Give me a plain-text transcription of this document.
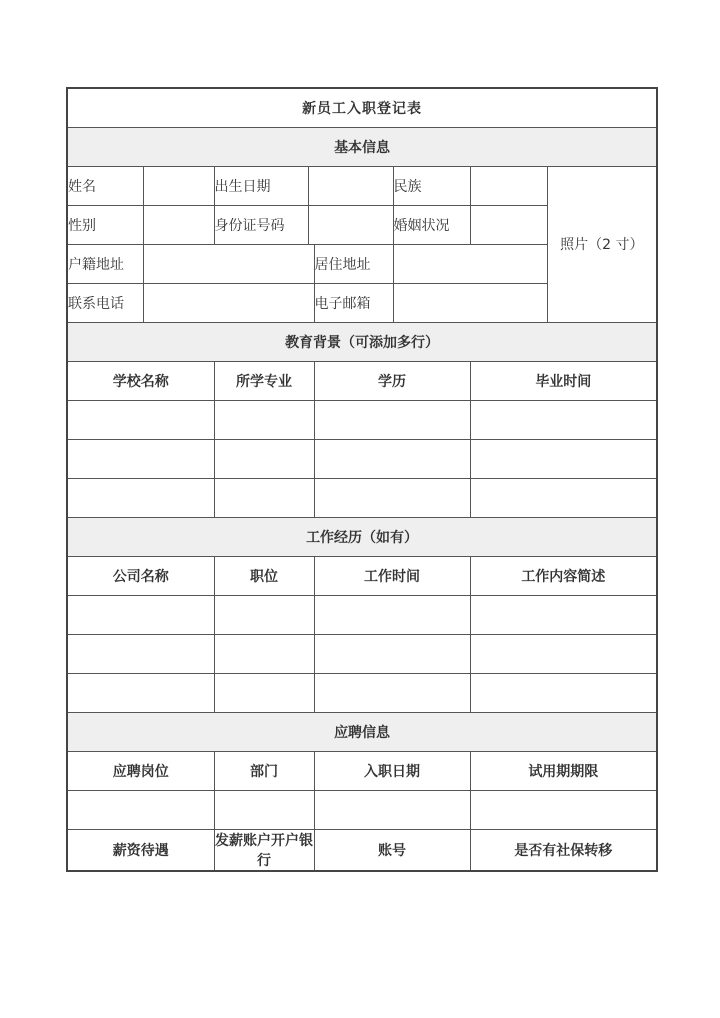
新员工入职登记表							
基本信息							
姓名		出生日期			民族		照片（2 寸）
性别		身份证号码			婚姻状况		
户籍地址				居住地址			
联系电话				电子邮箱			
教育背景（可添加多行）							
学校名称		所学专业		学历		毕业时间	

工作经历（如有）							
公司名称		职位		工作时间		工作内容简述	

应聘信息							
应聘岗位		部门		入职日期		试用期期限	

薪资待遇		发薪账户开户银行		账号		是否有社保转移	
